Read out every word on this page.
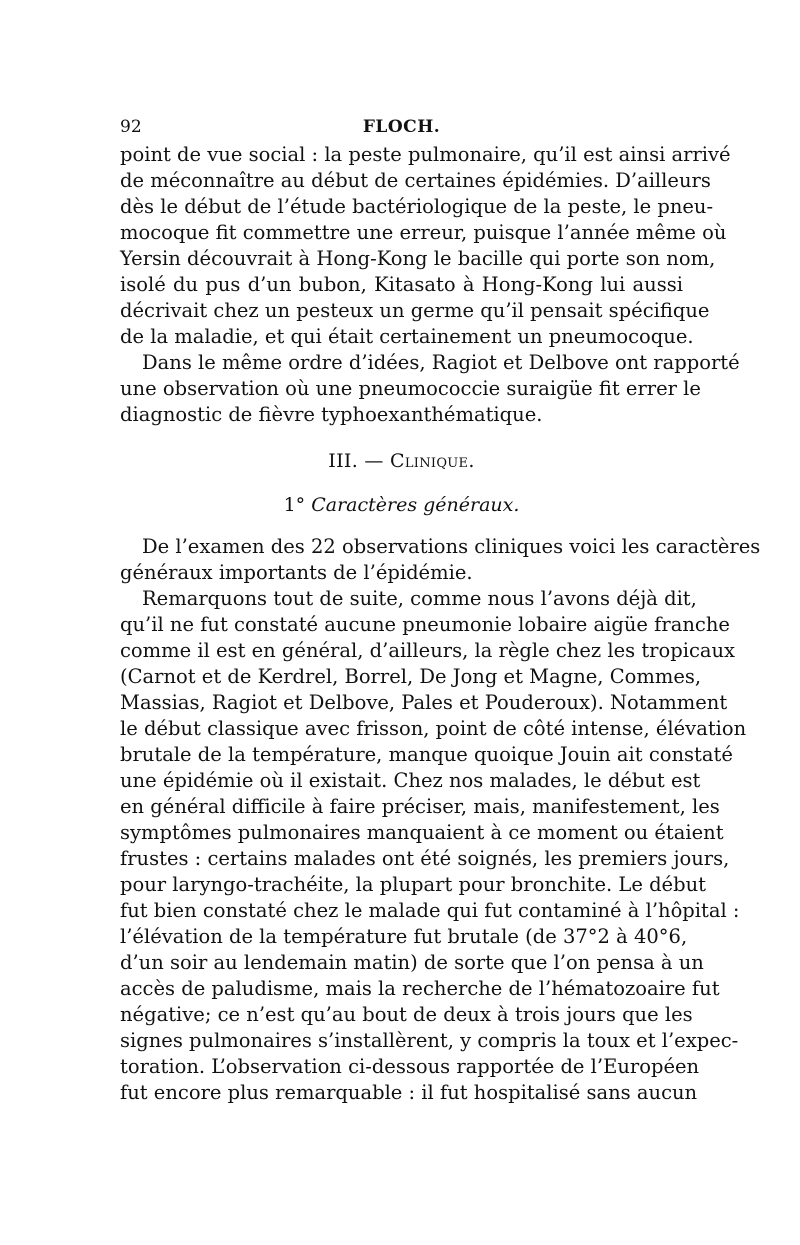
92	FLOCH.

point de vue social : la peste pulmonaire, qu’il est ainsi arrivé
de méconnaître au début de certaines épidémies. D’ailleurs
dès le début de l’étude bactériologique de la peste, le pneu-
mocoque fit commettre une erreur, puisque l’année même où
Yersin découvrait à Hong-Kong le bacille qui porte son nom,
isolé du pus d’un bubon, Kitasato à Hong-Kong lui aussi
décrivait chez un pesteux un germe qu’il pensait spécifique
de la maladie, et qui était certainement un pneumocoque.

Dans le même ordre d’idées, Ragiot et Delbove ont rapporté
une observation où une pneumococcie suraigüe fit errer le
diagnostic de fièvre typhoexanthématique.

III. — Clinique.
1° Caractères généraux.

De l’examen des 22 observations cliniques voici les caractères
généraux importants de l’épidémie.

Remarquons tout de suite, comme nous l’avons déjà dit,
qu’il ne fut constaté aucune pneumonie lobaire aigüe franche
comme il est en général, d’ailleurs, la règle chez les tropicaux
(Carnot et de Kerdrel, Borrel, De Jong et Magne, Commes,
Massias, Ragiot et Delbove, Pales et Pouderoux). Notamment
le début classique avec frisson, point de côté intense, élévation
brutale de la température, manque quoique Jouin ait constaté
une épidémie où il existait. Chez nos malades, le début est
en général difficile à faire préciser, mais, manifestement, les
symptômes pulmonaires manquaient à ce moment ou étaient
frustes : certains malades ont été soignés, les premiers jours,
pour laryngo-trachéite, la plupart pour bronchite. Le début
fut bien constaté chez le malade qui fut contaminé à l’hôpital :
l’élévation de la température fut brutale (de 37°2 à 40°6,
d’un soir au lendemain matin) de sorte que l’on pensa à un
accès de paludisme, mais la recherche de l’hématozoaire fut
négative; ce n’est qu’au bout de deux à trois jours que les
signes pulmonaires s’installèrent, y compris la toux et l’expec-
toration. L’observation ci-dessous rapportée de l’Européen
fut encore plus remarquable : il fut hospitalisé sans aucun
